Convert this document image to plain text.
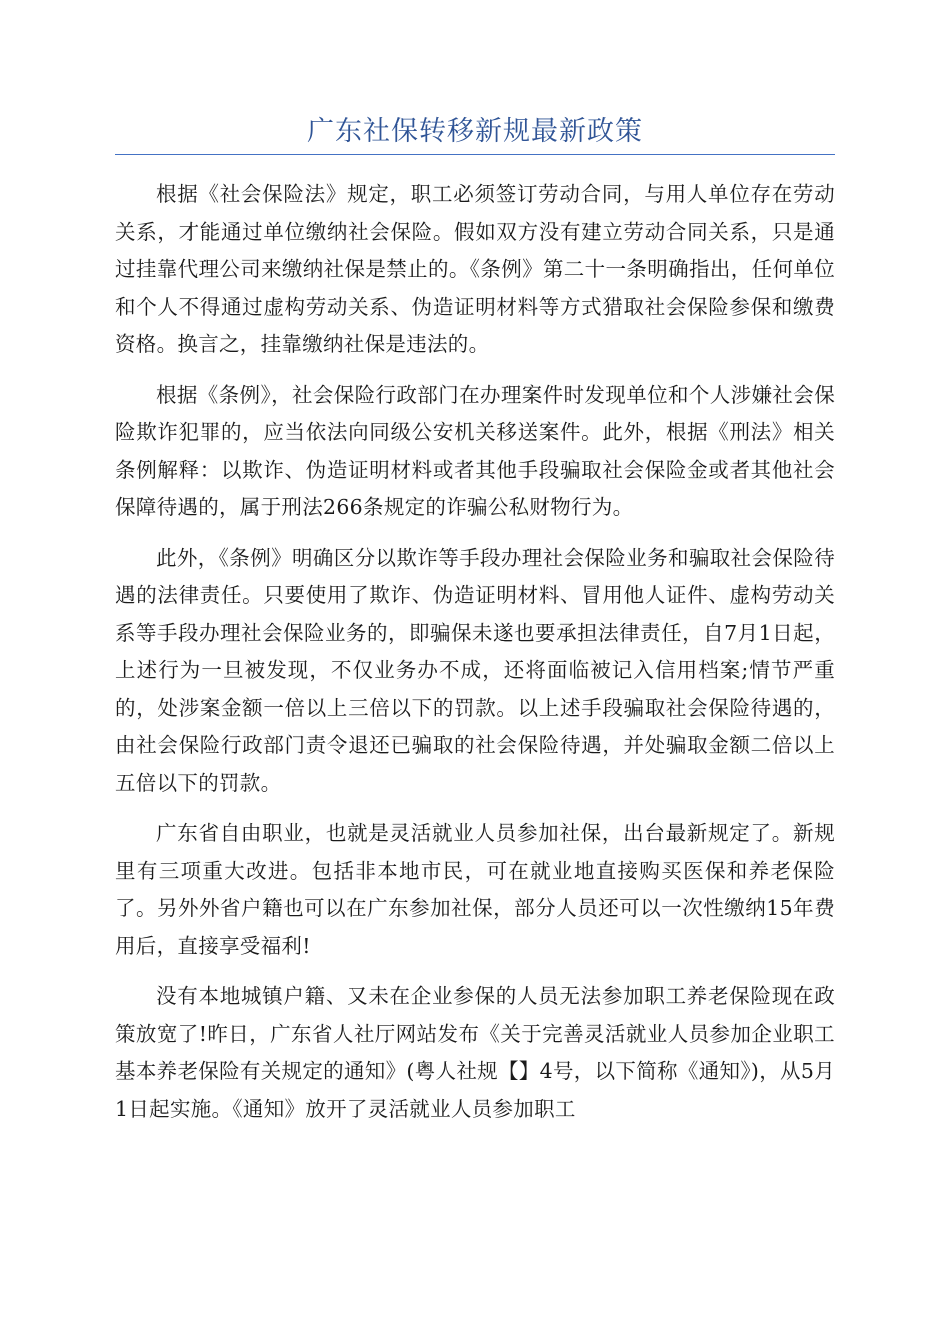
广东社保转移新规最新政策

根据《社会保险法》规定，职工必须签订劳动合同，与用人单位存在劳动关系，才能通过单位缴纳社会保险。假如双方没有建立劳动合同关系，只是通过挂靠代理公司来缴纳社保是禁止的。《条例》第二十一条明确指出，任何单位和个人不得通过虚构劳动关系、伪造证明材料等方式猎取社会保险参保和缴费资格。换言之，挂靠缴纳社保是违法的。

根据《条例》，社会保险行政部门在办理案件时发现单位和个人涉嫌社会保险欺诈犯罪的，应当依法向同级公安机关移送案件。此外，根据《刑法》相关条例解释：以欺诈、伪造证明材料或者其他手段骗取社会保险金或者其他社会保障待遇的，属于刑法266条规定的诈骗公私财物行为。

此外，《条例》明确区分以欺诈等手段办理社会保险业务和骗取社会保险待遇的法律责任。只要使用了欺诈、伪造证明材料、冒用他人证件、虚构劳动关系等手段办理社会保险业务的，即骗保未遂也要承担法律责任，自7月1日起，上述行为一旦被发现，不仅业务办不成，还将面临被记入信用档案;情节严重的，处涉案金额一倍以上三倍以下的罚款。以上述手段骗取社会保险待遇的，由社会保险行政部门责令退还已骗取的社会保险待遇，并处骗取金额二倍以上五倍以下的罚款。

广东省自由职业，也就是灵活就业人员参加社保，出台最新规定了。新规里有三项重大改进。包括非本地市民，可在就业地直接购买医保和养老保险了。另外外省户籍也可以在广东参加社保，部分人员还可以一次性缴纳15年费用后，直接享受福利!

没有本地城镇户籍、又未在企业参保的人员无法参加职工养老保险现在政策放宽了!昨日，广东省人社厅网站发布《关于完善灵活就业人员参加企业职工基本养老保险有关规定的通知》(粤人社规【】4号，以下简称《通知》)，从5月1日起实施。《通知》放开了灵活就业人员参加职工
